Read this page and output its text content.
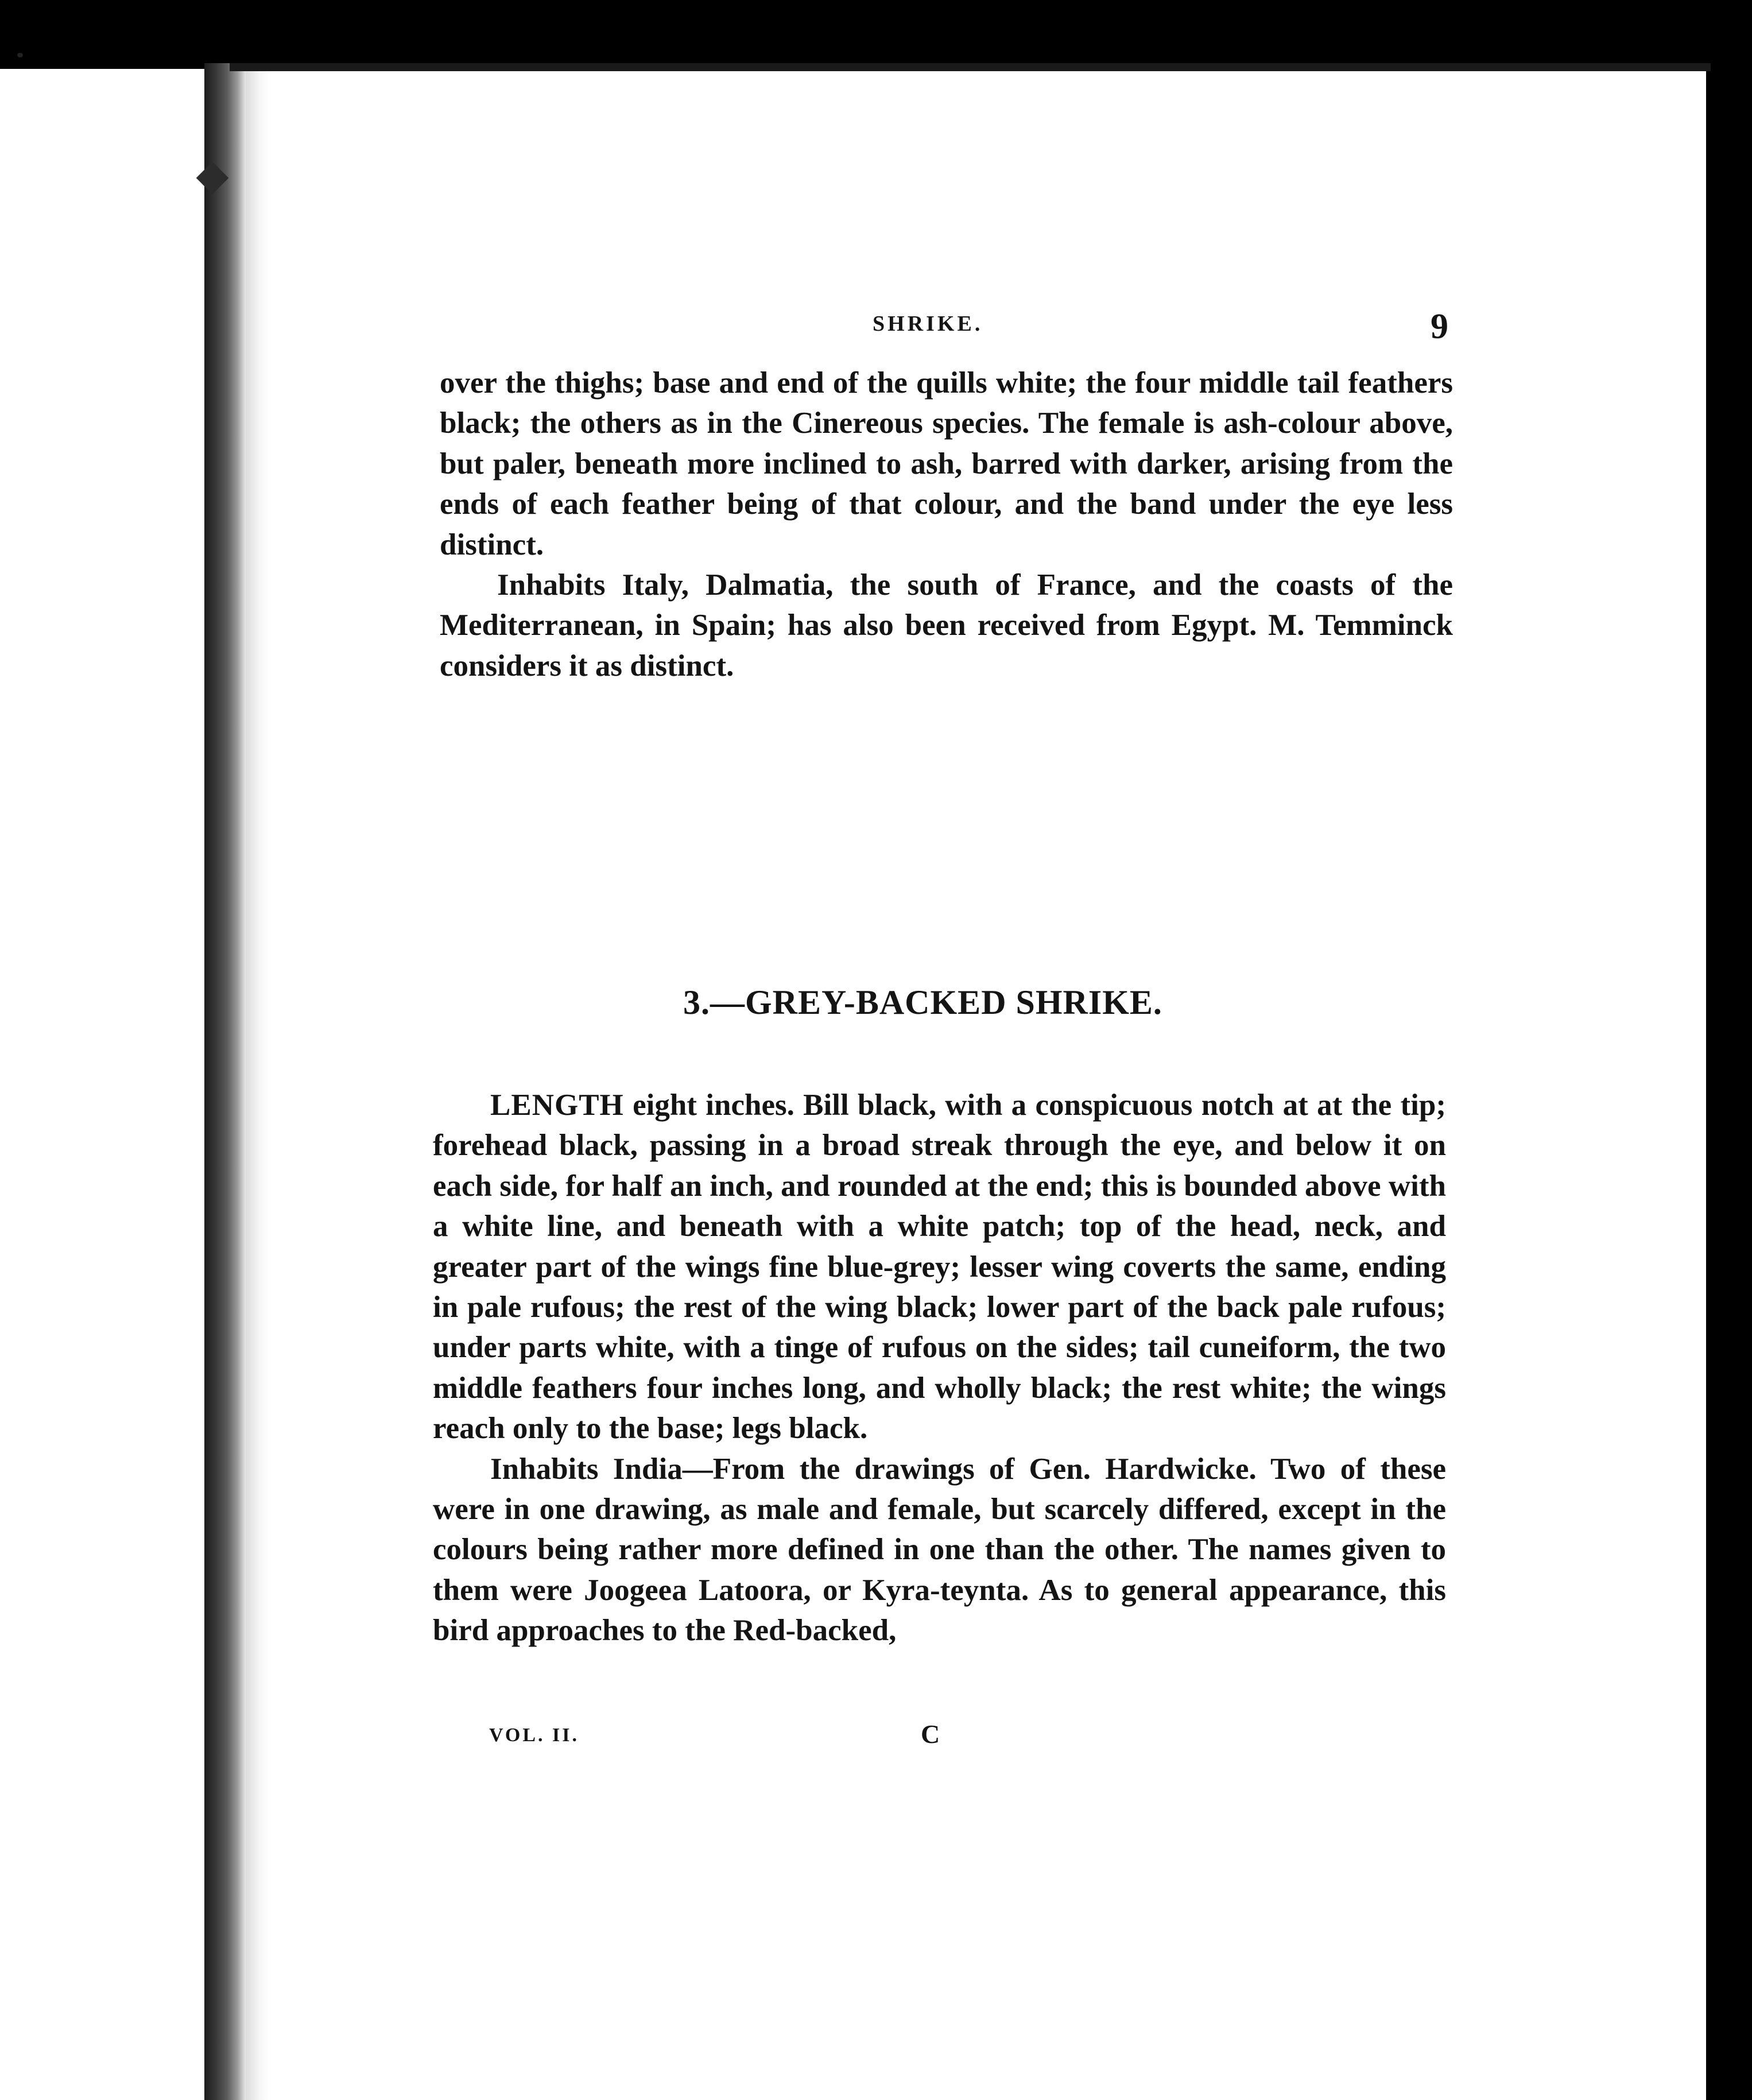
SHRIKE.	9

over the thighs; base and end of the quills white; the four middle tail feathers black; the others as in the Cinereous species. The female is ash-colour above, but paler, beneath more inclined to ash, barred with darker, arising from the ends of each feather being of that colour, and the band under the eye less distinct.

Inhabits Italy, Dalmatia, the south of France, and the coasts of the Mediterranean, in Spain; has also been received from Egypt. M. Temminck considers it as distinct.

3.—GREY-BACKED SHRIKE.

LENGTH eight inches. Bill black, with a conspicuous notch at at the tip; forehead black, passing in a broad streak through the eye, and below it on each side, for half an inch, and rounded at the end; this is bounded above with a white line, and beneath with a white patch; top of the head, neck, and greater part of the wings fine blue-grey; lesser wing coverts the same, ending in pale rufous; the rest of the wing black; lower part of the back pale rufous; under parts white, with a tinge of rufous on the sides; tail cuneiform, the two middle feathers four inches long, and wholly black; the rest white; the wings reach only to the base; legs black.

Inhabits India—From the drawings of Gen. Hardwicke. Two of these were in one drawing, as male and female, but scarcely differed, except in the colours being rather more defined in one than the other. The names given to them were Joogeea Latoora, or Kyra-teynta. As to general appearance, this bird approaches to the Red-backed,

VOL. II.	C
